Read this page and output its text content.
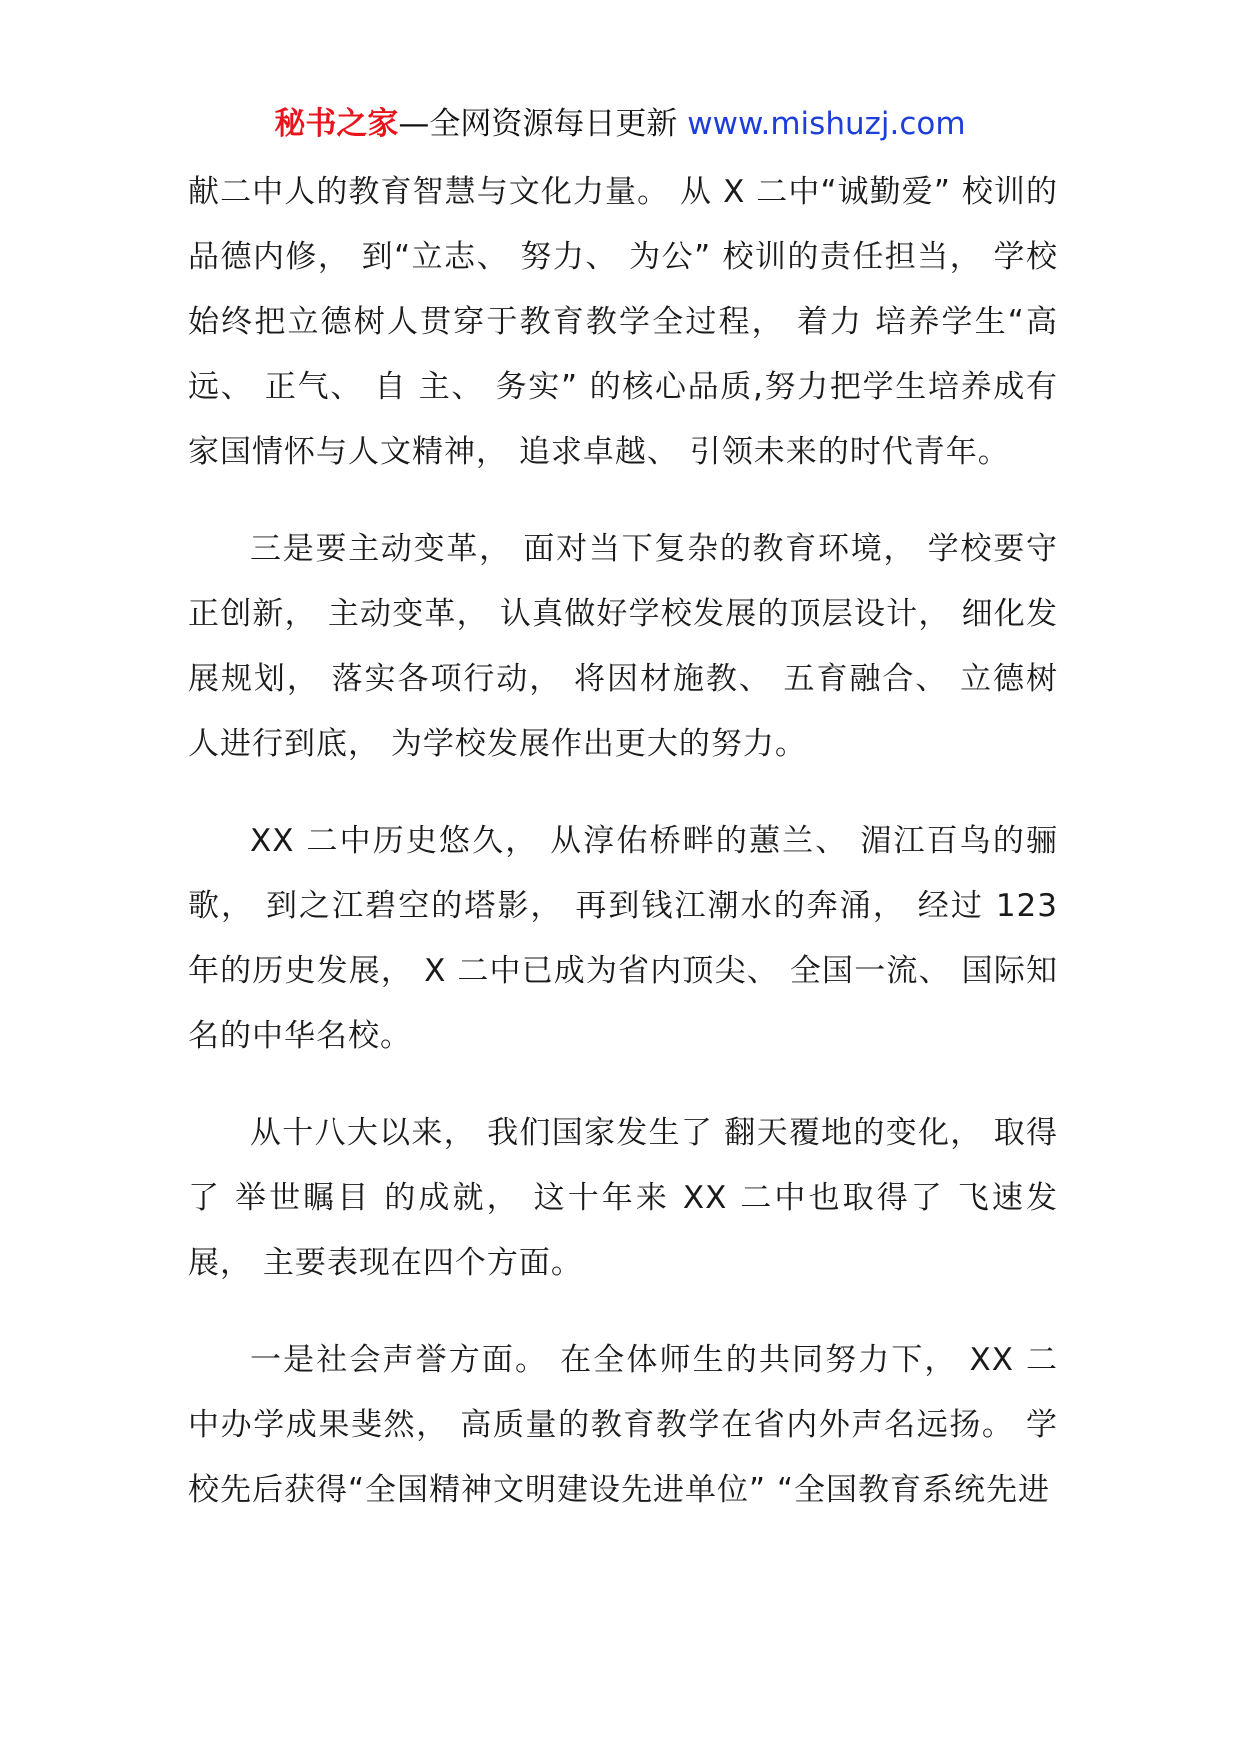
秘书之家—全网资源每日更新 www.mishuzj.com

献二中人的教育智慧与文化力量。 从 X 二中“诚勤爱” 校训的品德内修， 到“立志、 努力、 为公” 校训的责任担当， 学校始终把立德树人贯穿于教育教学全过程， 着力 培养学生“高远、 正气、 自 主、 务实” 的核心品质,努力把学生培养成有家国情怀与人文精神， 追求卓越、 引领未来的时代青年。

三是要主动变革， 面对当下复杂的教育环境， 学校要守正创新， 主动变革， 认真做好学校发展的顶层设计， 细化发展规划， 落实各项行动， 将因材施教、 五育融合、 立德树人进行到底， 为学校发展作出更大的努力。

XX 二中历史悠久， 从淳佑桥畔的蕙兰、 湄江百鸟的骊歌， 到之江碧空的塔影， 再到钱江潮水的奔涌， 经过 123 年的历史发展， X 二中已成为省内顶尖、 全国一流、 国际知名的中华名校。

从十八大以来， 我们国家发生了 翻天覆地的变化， 取得了 举世瞩目 的成就， 这十年来 XX 二中也取得了 飞速发展， 主要表现在四个方面。

一是社会声誉方面。 在全体师生的共同努力下， XX 二中办学成果斐然， 高质量的教育教学在省内外声名远扬。 学校先后获得“全国精神文明建设先进单位” “全国教育系统先进
